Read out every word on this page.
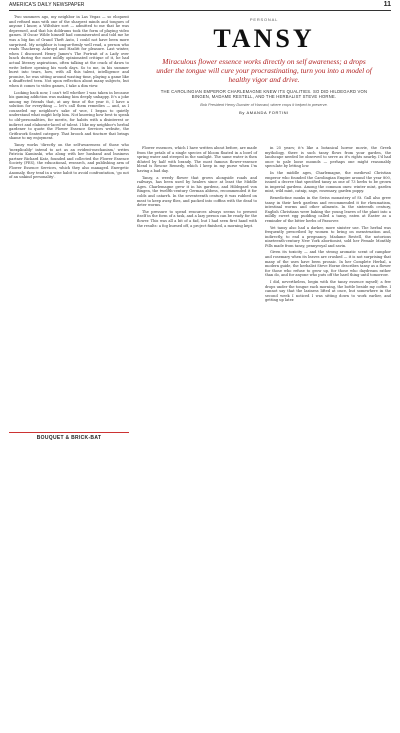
AMERICA'S DAILY NEWSPAPER	11

Two summers ago, my neighbor in Las Vegas — so eloquent and refined man with one of the sharpest minds and tongues of anyone I know, a Wiltshire sort — admitted to me that he was depressed, and that his doldrums took the form of playing video games. If Oscar Wilde himself had commiserated and told me he was a big fan of Grand Theft Auto, I could not have been more surprised. My neighbor is tongue-firmly well read, a person who reads Thackeray, Ackroyd and Hazlitt for pleasure. Last winter, when I discussed Henry James's The Portrait of a Lady over lunch during the most mildly opinionated critique of it, he had actual literary aspirations, often talking at the crack of dawn to write before opening his work days. So to me, in his summer burst into tears, how, with all this talent, intelligence and promise, he was sitting around wasting time, playing a game like a disaffected teen. Not upon reflection about many subjects, but when it comes to video games, I take a dim view.

Looking back now, I can't tell whether I was taken in because his gaming addiction was making him deeply unhappy. It's a joke among my friends that, at any time of the year it, I have a solution for everything — let's call them remedies — and, as I counseled my neighbor's sake of woe, I began to quietly understand what might help him. Not knowing how best to speak to old-personalities, for merits, for habits with a disinterest or indirect and elaborate-laced of talent. I like my neighbor's herbal gardener to quote the Flower Essence Services website, the Grithwork Seated category. That brooch and tincture that brings shame to my enjoyment.

Tansy works 'directly on the self-awareness of those who 'inexplicably' intend to act as an evident-mechanism,' writes Patricia Kaminski, who along with her husband and business partner Richard Katz, founded and collected the Flower Essence Society (FES), the educational, research, and publishing arm of Flower Essence Services, which they also managed. Energetic Anomaly, they tend in a wise habit to avoid confrontation, 'go not of an unkind personality'.

BOUQUET & BRICK-BAT
PERSONAL
TANSY
Miraculous flower essence works directly on self awareness; a drops under the tongue will cure your procrastinating, turn you into a model of healthy vigor and drive.
THE CAROLINGIAN EMPEROR CHARLEMAGNE KNEW ITS QUALITIES. SO DID HILDEGARD VON BINGEN, MADAME RESTELL, AND THE HERBALIST STEVE HORNE.
Bob President Henry Dunster of Harvard, where crops it helped to preserve.
By AMANDA FORTINI

Flower essences, which I have written about before, are made from the petals of a single species of bloom floated in a bowl of spring water and steeped in the sunlight. The same water is then diluted by half with brandy. The most famous flower-essence blend is Rescue Remedy, which I keep in my purse when I'm having a bad day.

Tansy, a weedy flower that grows alongside roads and railways, has been used by healers since at least the Middle Ages. Charlemagne grew it in his gardens, and Hildegard von Bingen, the twelfth-century German abbess, recommended it for colds and catarrh. In the seventeenth century it was rubbed on meat to keep away flies, and packed into coffins with the dead to deter worms.

The pressure to spend resources always seems to present itself in the form of a task, and a lazy person can be ready for the flower. This was all a bit of a fad, but I had seen first hand with the results: a fog burned off, a project finished, a morning kept.

in 25 years; it's like a botanical horror movie, the Greek mythology, there is such tansy flows from your garden, the landscape needed be observed to serve as it's rights nearby. I'd had once to pale loose mounds — perhaps one might reasonably speculate by letting low.

In the middle ages, Charlemagne, the medieval Christian emperor who founded the Carolingian Empire around the year 800, issued a decree that specified tansy as one of 73 herbs to be grown in imperial gardens. Among the common ones: winter mint, garden mint, wild mint, catnip, sage, rosemary, garden poppy.

Benedictine monks in the Swiss monastery of St. Gall also grew tansy in their herb gardens and recommended it for rheumatism, intestinal worms and other ailments. In the sixteenth century, English Christians were baking the young leaves of the plant into a mildly sweet egg pudding called a tansy, eaten at Easter as a reminder of the bitter herbs of Passover.

Yet tansy also had a darker, more sinister use. The herbal was frequently prescribed by women to bring on menstruation and, indirectly, to end a pregnancy. Madame Restell, the notorious nineteenth-century New York abortionist, sold her Female Monthly Pills made from tansy, pennyroyal and savin.

Given its toxicity — and the strong aromatic scent of camphor and rosemary when its leaves are crushed — it is not surprising that many of the uses have been prosaic. In her Complete Herbal, a modern guide, the herbalist Steve Horne describes tansy as a flower for those who refuse to grow up, for those who daydream rather than do, and for anyone who puts off the hard thing until tomorrow.

I did, nevertheless, begin with the tansy essence myself; a few drops under the tongue each morning, the bottle beside my coffee. I cannot say that the laziness lifted at once, but somewhere in the second week I noticed I was sitting down to work earlier, and getting up later.
